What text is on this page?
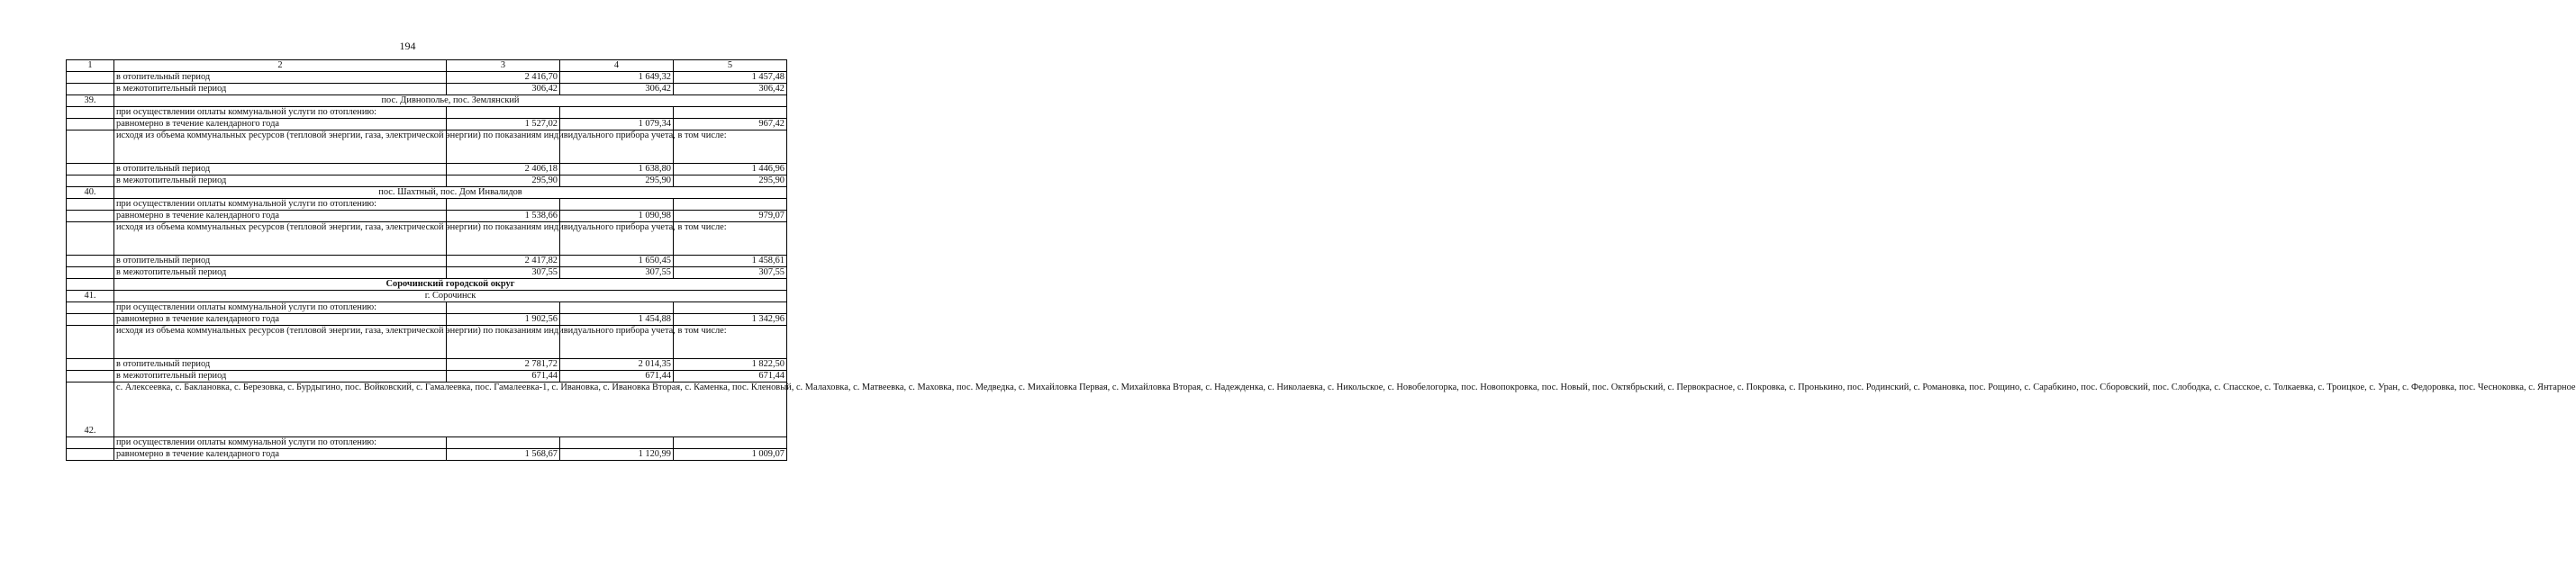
194
1	2	3	4	5
	в отопительный период	2 416,70	1 649,32	1 457,48
	в межотопительный период	306,42	306,42	306,42
39.	пос. Дивнополье, пос. Землянский			
	при осуществлении оплаты коммунальной услуги по отоплению:			
	равномерно в течение календарного года	1 527,02	1 079,34	967,42
	исходя из объема коммунальных ресурсов (тепловой энергии, газа, электрической энергии) по показаниям индивидуального прибора учета, в том числе:			
	в отопительный период	2 406,18	1 638,80	1 446,96
	в межотопительный период	295,90	295,90	295,90
40.	пос. Шахтный, пос. Дом Инвалидов			
	при осуществлении оплаты коммунальной услуги по отоплению:			
	равномерно в течение календарного года	1 538,66	1 090,98	979,07
	исходя из объема коммунальных ресурсов (тепловой энергии, газа, электрической энергии) по показаниям индивидуального прибора учета, в том числе:			
	в отопительный период	2 417,82	1 650,45	1 458,61
	в межотопительный период	307,55	307,55	307,55
	Сорочинский городской округ			
41.	г. Сорочинск			
	при осуществлении оплаты коммунальной услуги по отоплению:			
	равномерно в течение календарного года	1 902,56	1 454,88	1 342,96
	исходя из объема коммунальных ресурсов (тепловой энергии, газа, электрической энергии) по показаниям индивидуального прибора учета, в том числе:			
	в отопительный период	2 781,72	2 014,35	1 822,50
	в межотопительный период	671,44	671,44	671,44
42.	с. Алексеевка, с. Баклановка, с. Березовка, с. Бурдыгино, пос. Войковский, с. Гамалеевка, пос. Гамалеевка-1, с. Ивановка, с. Ивановка Вторая, с. Каменка, пос. Кленовый, с. Малаховка, с. Матвеевка, с. Маховка, пос. Медведка, с. Михайловка Первая, с. Михайловка Вторая, с. Надежденка, с. Николаевка, с. Никольское, с. Новобелогорка, пос. Новопокровка, пос. Новый, пос. Октябрьский, с. Первокрасное, с. Покровка, с. Пронькино, пос. Родинский, с. Романовка, пос. Рощино, с. Сарабкино, пос. Сборовский, пос. Слободка, с. Спасское, с. Толкаевка, с. Троицкое, с. Уран, с. Федоровка, пос. Чесноковка, с. Янтарное			
	при осуществлении оплаты коммунальной услуги по отоплению:			
	равномерно в течение календарного года	1 568,67	1 120,99	1 009,07
